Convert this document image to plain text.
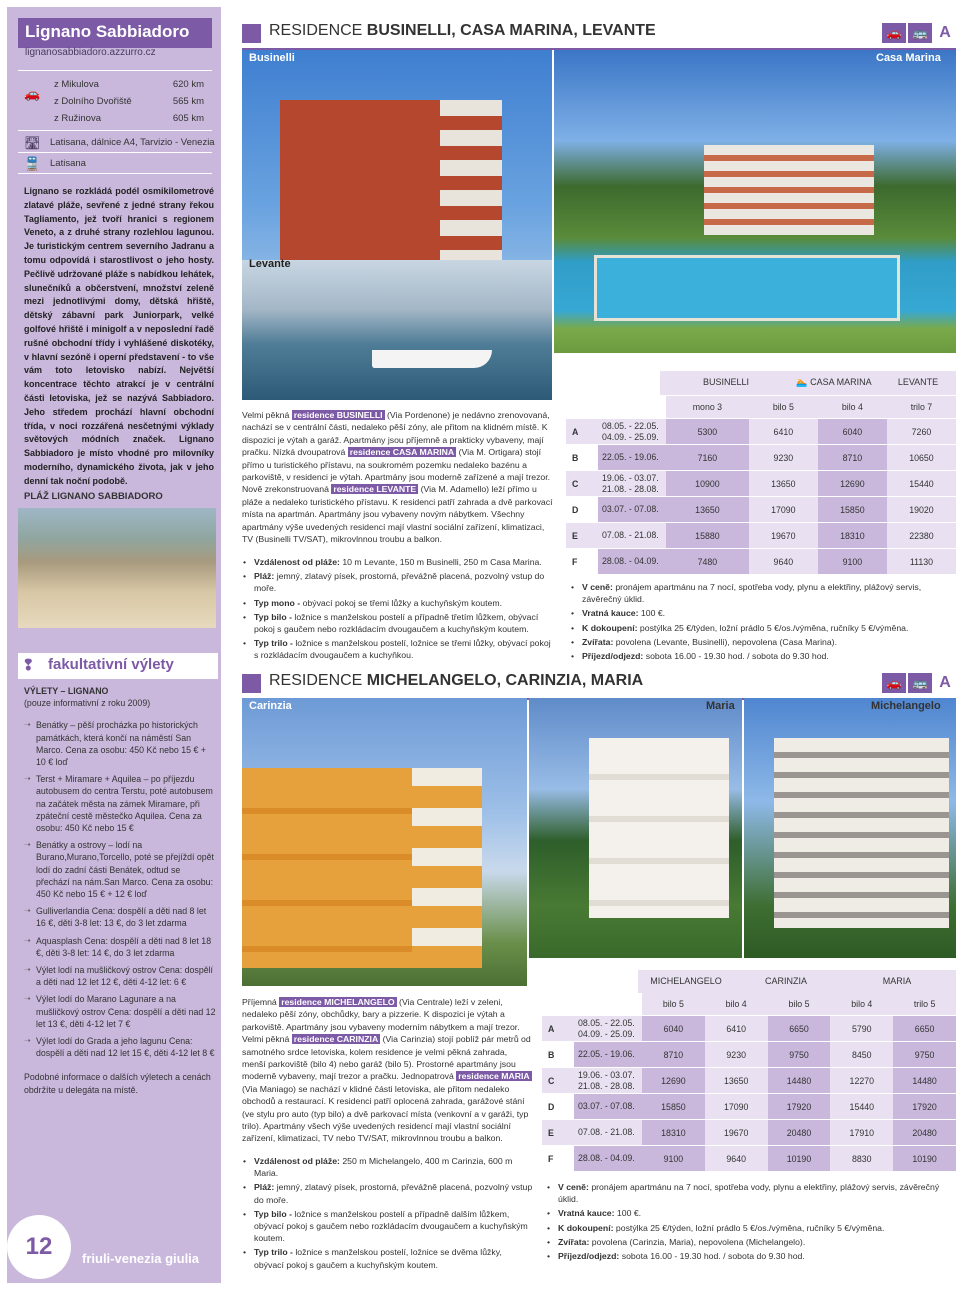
Lignano Sabbiadoro
lignanosabbiadoro.azzurro.cz
🚗
z Mikulova	620 km
z Dolního Dvořiště	565 km
z Ružinova	605 km
🛣 Latisana, dálnice A4, Tarvizio - Venezia
🚆 Latisana
Lignano se rozkládá podél osmikilometrové zlatavé pláže, sevřené z jedné strany řekou Tagliamento, jež tvoří hranici s regionem Veneto, a z druhé strany rozlehlou lagunou. Je turistickým centrem severního Jadranu a tomu odpovídá i starostlivost o jeho hosty. Pečlivě udržované pláže s nabídkou lehátek, slunečníků a občerstvení, množství zeleně mezi jednotlivými domy, dětská hřiště, dětský zábavní park Juniorpark, velké golfové hřiště i minigolf a v neposlední řadě rušné obchodní třídy i vyhlášené diskotéky, v hlavní sezóně i operní představení - to vše vám toto letovisko nabízí. Největší koncentrace těchto atrakcí je v centrální části letoviska, jež se nazývá Sabbiadoro. Jeho středem prochází hlavní obchodní třída, v noci rozzářená nesčetnými výklady světových módních značek. Lignano Sabbiadoro je místo vhodné pro milovníky moderního, dynamického života, jak v jeho denní tak noční podobě.
PLÁŽ LIGNANO SABBIADORO
❢ fakultativní výlety
VÝLETY – LIGNANO
(pouze informativní z roku 2009)
➝ Benátky – pěší procházka po historických památkách, která končí na náměstí San Marco. Cena za osobu: 450 Kč nebo 15 € + 10 € loď
➝ Terst + Miramare + Aquilea – po příjezdu autobusem do centra Terstu, poté autobusem na začátek města na zámek Miramare, při zpáteční cestě městečko Aquilea. Cena za osobu: 450 Kč nebo 15 €
➝ Benátky a ostrovy – lodí na Burano,Murano,Torcello, poté se přejíždí opět lodí do zadní části Benátek, odtud se přechází na nám.San Marco. Cena za osobu: 450 Kč nebo 15 € + 12 € loď
➝ Gulliverlandia Cena: dospělí a děti nad 8 let 16 €, děti 3-8 let: 13 €, do 3 let zdarma
➝ Aquasplash Cena: dospělí a děti nad 8 let 18 €, děti 3-8 let: 14 €, do 3 let zdarma
➝ Výlet lodí na mušličkový ostrov Cena: dospělí a děti nad 12 let 12 €, děti 4-12 let: 6 €
➝ Výlet lodí do Marano Lagunare a na mušličkový ostrov Cena: dospělí a děti nad 12 let 13 €, děti 4-12 let 7 €
➝ Výlet lodí do Grada a jeho lagunu Cena: dospělí a děti nad 12 let 15 €, děti 4-12 let 8 €
Podobné informace o dalších výletech a cenách obdržíte u delegáta na místě.
12	friuli-venezia giulia
RESIDENCE BUSINELLI, CASA MARINA, LEVANTE	🚗 🚌 A
Businelli
Levante
Casa Marina
Velmi pěkná residence BUSINELLI (Via Pordenone) je nedávno zrenovovaná, nachází se v centrální části, nedaleko pěší zóny, ale přitom na klidném místě. K dispozici je výtah a garáž. Apartmány jsou příjemně a prakticky vybaveny, mají pračku. Nízká dvoupatrová residence CASA MARINA (Via M. Ortigara) stojí přímo u turistického přístavu, na soukromém pozemku nedaleko bazénu a parkoviště, v residenci je výtah. Apartmány jsou moderně zařízené a mají trezor. Nově zrekonstruovaná residence LEVANTE (Via M. Adamello) leží přímo u pláže a nedaleko turistického přístavu. K residenci patří zahrada a dvě parkovací místa na apartmán. Apartmány jsou vybaveny novým nábytkem. Všechny apartmány výše uvedených residencí mají vlastní sociální zařízení, klimatizaci, TV (Businelli TV/SAT), mikrovlnnou troubu a balkon.
• Vzdálenost od pláže: 10 m Levante, 150 m Businelli, 250 m Casa Marina.
• Pláž: jemný, zlatavý písek, prostorná, převážně placená, pozvolný vstup do moře.
• Typ mono - obývací pokoj se třemi lůžky a kuchyňským koutem.
• Typ bilo - ložnice s manželskou postelí a případně třetím lůžkem, obývací pokoj s gaučem nebo rozkládacím dvougaučem a kuchyňským koutem.
• Typ trilo - ložnice s manželskou postelí, ložnice se třemi lůžky, obývací pokoj s rozkládacím dvougaučem a kuchyňkou.
BUSINELLI	🏊 CASA MARINA	LEVANTE
		mono 3	bilo 5	bilo 4	trilo 7
A	08.05. - 22.05. 04.09. - 25.09.	5300	6410	6040	7260
B	22.05. - 19.06.	7160	9230	8710	10650
C	19.06. - 03.07. 21.08. - 28.08.	10900	13650	12690	15440
D	03.07. - 07.08.	13650	17090	15850	19020
E	07.08. - 21.08.	15880	19670	18310	22380
F	28.08. - 04.09.	7480	9640	9100	11130
• V ceně: pronájem apartmánu na 7 nocí, spotřeba vody, plynu a elektřiny, plážový servis, závěrečný úklid.
• Vratná kauce: 100 €.
• K dokoupení: postýlka 25 €/týden, ložní prádlo 5 €/os./výměna, ručníky 5 €/výměna.
• Zvířata: povolena (Levante, Businelli), nepovolena (Casa Marina).
• Příjezd/odjezd: sobota 16.00 - 19.30 hod. / sobota do 9.30 hod.
RESIDENCE MICHELANGELO, CARINZIA, MARIA	🚗 🚌 A
Carinzia	Maria	Michelangelo
Příjemná residence MICHELANGELO (Via Centrale) leží v zeleni, nedaleko pěší zóny, obchůdky, bary a pizzerie. K dispozici je výtah a parkoviště. Apartmány jsou vybaveny moderním nábytkem a mají trezor. Velmi pěkná residence CARINZIA (Via Carinzia) stojí poblíž pár metrů od samotného srdce letoviska, kolem residence je velmi pěkná zahrada, menší parkoviště (bilo 4) nebo garáž (bilo 5). Prostorné apartmány jsou moderně vybaveny, mají trezor a pračku. Jednopatrová residence MARIA (Via Maniago) se nachází v klidné části letoviska, ale přitom nedaleko obchodů a restaurací. K residenci patří oplocená zahrada, garážové stání (ve stylu pro auto (typ bilo) a dvě parkovací místa (venkovní a v garáži, typ trilo). Apartmány všech výše uvedených residencí mají vlastní sociální zařízení, klimatizaci, TV nebo TV/SAT, mikrovlnnou troubu a balkon.
• Vzdálenost od pláže: 250 m Michelangelo, 400 m Carinzia, 600 m Maria.
• Pláž: jemný, zlatavý písek, prostorná, převážně placená, pozvolný vstup do moře.
• Typ bilo - ložnice s manželskou postelí a případně dalším lůžkem, obývací pokoj s gaučem nebo rozkládacím dvougaučem a kuchyňským koutem.
• Typ trilo - ložnice s manželskou postelí, ložnice se dvěma lůžky, obývací pokoj s gaučem a kuchyňským koutem.
MICHELANGELO	CARINZIA	MARIA
		bilo 5	bilo 4	bilo 5	bilo 4	trilo 5
A	08.05. - 22.05. 04.09. - 25.09.	6040	6410	6650	5790	6650
B	22.05. - 19.06.	8710	9230	9750	8450	9750
C	19.06. - 03.07. 21.08. - 28.08.	12690	13650	14480	12270	14480
D	03.07. - 07.08.	15850	17090	17920	15440	17920
E	07.08. - 21.08.	18310	19670	20480	17910	20480
F	28.08. - 04.09.	9100	9640	10190	8830	10190
• V ceně: pronájem apartmánu na 7 nocí, spotřeba vody, plynu a elektřiny, plážový servis, závěrečný úklid.
• Vratná kauce: 100 €.
• K dokoupení: postýlka 25 €/týden, ložní prádlo 5 €/os./výměna, ručníky 5 €/výměna.
• Zvířata: povolena (Carinzia, Maria), nepovolena (Michelangelo).
• Příjezd/odjezd: sobota 16.00 - 19.30 hod. / sobota do 9.30 hod.
